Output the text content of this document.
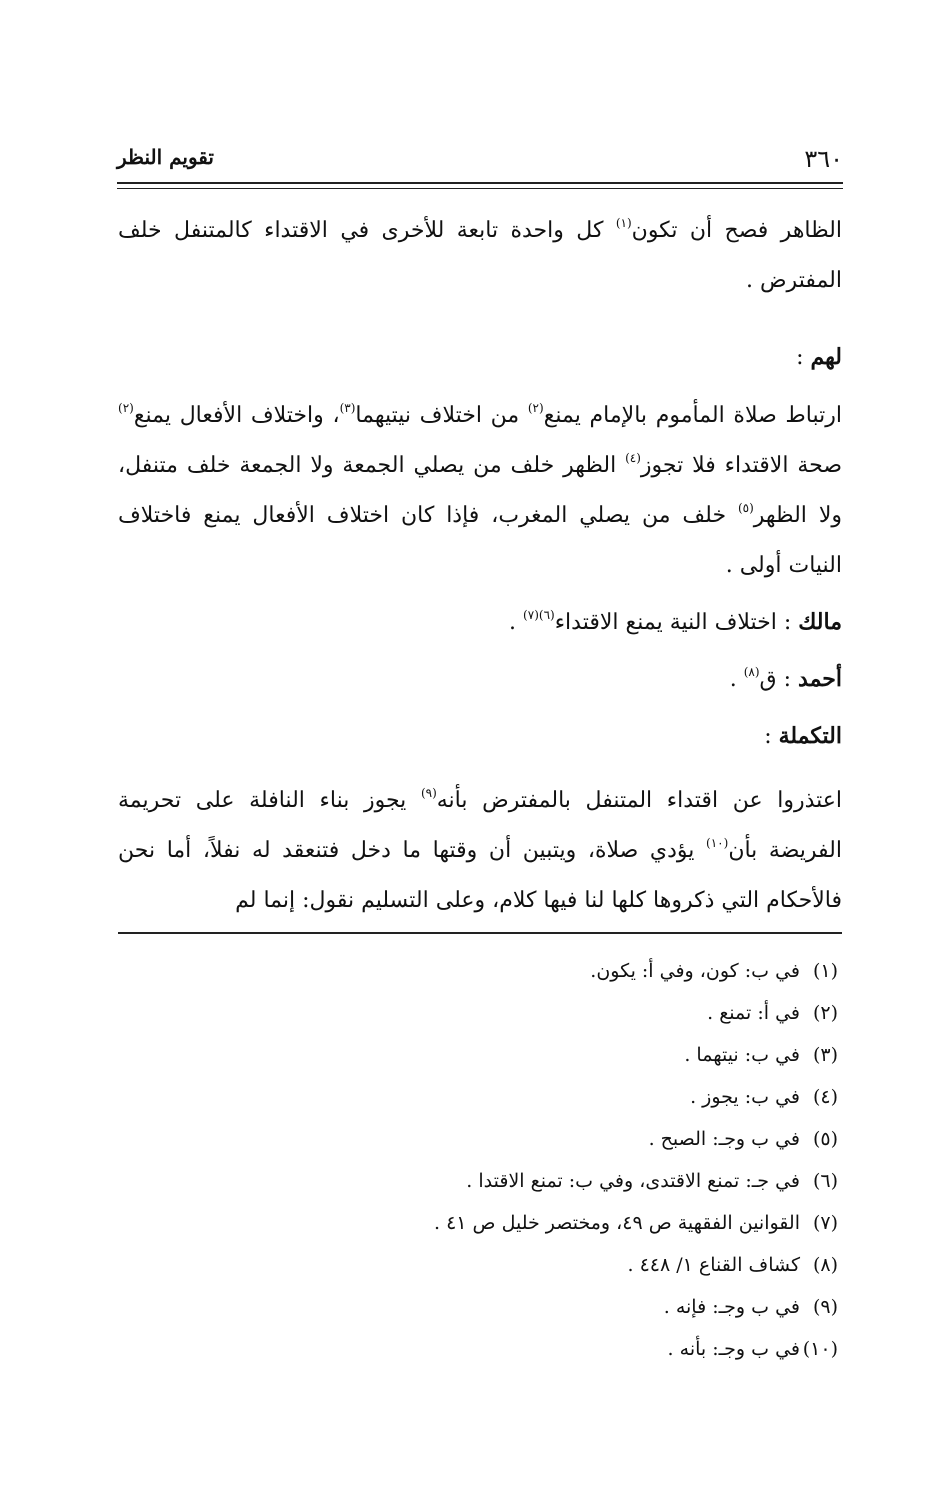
تقويم النظر	٣٦٠

الظاهر فصح أن تكون$^{(١)}$ كل واحدة تابعة للأخرى في الاقتداء كالمتنفل خلف المفترض .

لهم :

ارتباط صلاة المأموم بالإمام يمنع$^{(٢)}$ من اختلاف نيتيهما$^{(٣)}$، واختلاف الأفعال يمنع$^{(٢)}$ صحة الاقتداء فلا تجوز$^{(٤)}$ الظهر خلف من يصلي الجمعة ولا الجمعة خلف متنفل، ولا الظهر$^{(٥)}$ خلف من يصلي المغرب، فإذا كان اختلاف الأفعال يمنع فاختلاف النيات أولى .

مالك : اختلاف النية يمنع الاقتداء$^{(٦)(٧)}$ .

أحمد : ق$^{(٨)}$ .

التكملة :

اعتذروا عن اقتداء المتنفل بالمفترض بأنه$^{(٩)}$ يجوز بناء النافلة على تحريمة الفريضة بأن$^{(١٠)}$ يؤدي صلاة، ويتبين أن وقتها ما دخل فتنعقد له نفلاً، أما نحن فالأحكام التي ذكروها كلها لنا فيها كلام، وعلى التسليم نقول: إنما لم

(١)في ب: كون، وفي أ: يكون.

(٢)في أ: تمنع .

(٣)في ب: نيتهما .

(٤)في ب: يجوز .

(٥)في ب وجـ: الصبح .

(٦)في جـ: تمنع الاقتدى، وفي ب: تمنع الاقتدا .

(٧)القوانين الفقهية ص ٤٩، ومختصر خليل ص ٤١ .

(٨)كشاف القناع ١/ ٤٤٨ .

(٩)في ب وجـ: فإنه .

(١٠)في ب وجـ: بأنه .
